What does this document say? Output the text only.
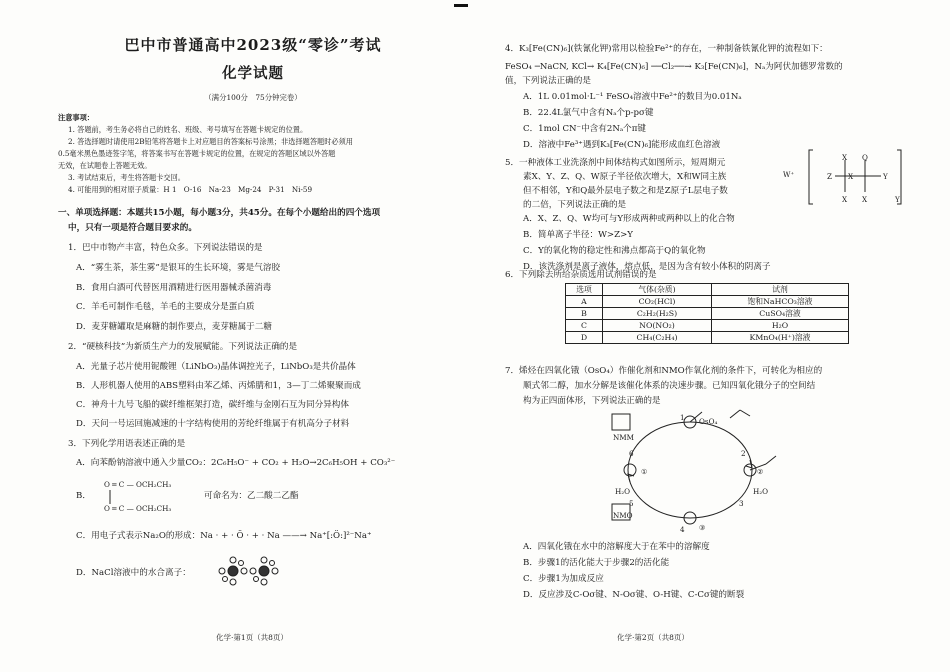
巴中市普通高中2023级“零诊”考试
化学试题
（满分100分　75分钟完卷）
注意事项：
1. 答题前，考生务必将自己的姓名、班级、考号填写在答题卡规定的位置。
2. 答选择题时请使用2B铅笔将答题卡上对应题目的答案标号涂黑；非选择题答题时必须用
0.5毫米黑色墨迹签字笔，将答案书写在答题卡规定的位置，在规定的答题区域以外答题
无效，在试题卷上答题无效。
3. 考试结束后，考生将答题卡交回。
4. 可能用到的相对原子质量：H 1　O-16　Na-23　Mg-24　P-31　Ni-59
一、单项选择题：本题共15小题，每小题3分，共45分。在每个小题给出的四个选项
中，只有一项是符合题目要求的。
1．巴中市物产丰富，特色众多。下列说法错误的是
A．“雾生茶，茶生雾”是银耳的生长环境，雾是气溶胶
B．食用白酒可代替医用酒精进行医用器械杀菌消毒
C．羊毛可制作毛毯，羊毛的主要成分是蛋白质
D．麦芽糖罐取是麻糖的制作要点，麦芽糖属于二糖
2．“硬核科技”为新质生产力的发展赋能。下列说法正确的是
A．光量子芯片使用铌酸锂（LiNbO₃)晶体调控光子，LiNbO₃是共价晶体
B．人形机器人使用的ABS塑料由苯乙烯、丙烯腈和1，3—丁二烯聚聚而成
C．神舟十九号飞船的碳纤维框架打造，碳纤维与金刚石互为同分异构体
D．天问一号运回施减速的十字结构使用的芳纶纤维属于有机高分子材料
3．下列化学用语表述正确的是
A．向苯酚钠溶液中通入少量CO₂：2C₆H₅O⁻ + CO₂ + H₂O→2C₆H₅OH + CO₃²⁻
B．
O ═ C — OCH₂CH₃
O ═ C — OCH₂CH₃
可命名为：乙二酸二乙酯
C．用电子式表示Na₂O的形成：Na · + · Ö · + · Na ——→ Na⁺[:Ö:]²⁻Na⁺
D．NaCl溶液中的水合离子：
化学·第1页（共8页）
4．K₃[Fe(CN)₆](铁氰化钾)常用以检验Fe²⁺的存在，一种制备铁氰化钾的流程如下：
FeSO₄ ─NaCN, KCl→ K₄[Fe(CN)₆] ──Cl₂──→ K₃[Fe(CN)₆]，Nₐ为阿伏加德罗常数的
值，下列说法正确的是
A．1L 0.01mol·L⁻¹ FeSO₄溶液中Fe²⁺的数目为0.01Nₐ
B．22.4L氯气中含有Nₐ个p-pσ键
C．1mol CN⁻中含有2Nₐ个π键
D．溶液中Fe³⁺遇到K₃[Fe(CN)₆]能形成血红色溶液
5．一种液体工业洗涤剂中间体结构式如图所示，短周期元
素X、Y、Z、Q、W原子半径依次增大，X和W同主族
但不相邻，Y和Q最外层电子数之和是Z原子L层电子数
的二倍，下列说法正确的是
W⁺
X
X
Z
Q
Y
X
X
Y
A．X、Z、Q、W均可与Y形成两种或两种以上的化合物
B．简单离子半径：W>Z>Y
C．Y的氧化物的稳定性和沸点都高于Q的氧化物
D．该洗涤剂是离子液体，熔点低，是因为含有较小体积的阴离子
6．下列除去所给杂质选用试剂错误的是
选项	气体(杂质)	试剂
A	CO₂(HCl)	饱和NaHCO₃溶液
B	C₂H₂(H₂S)	CuSO₄溶液
C	NO(NO₂)	H₂O
D	CH₄(C₂H₄)	KMnO₄(H⁺)溶液
7．烯烃在四氧化锇（OsO₄）作催化剂和NMO作氧化剂的条件下，可转化为相应的
顺式邻二醇，加水分解是该催化体系的决速步骤。已知四氧化锇分子的空间结
构为正四面体形，下列说法正确的是
NMM
NMO
H₂O	H₂O
1
2
3
4
5
6
OsO₄
①	②
③
A．四氧化锇在水中的溶解度大于在苯中的溶解度
B．步骤1的活化能大于步骤2的活化能
C．步骤1为加成反应
D．反应涉及C-Oσ键、N-Oσ键、O-H键、C-Cσ键的断裂
化学·第2页（共8页）
